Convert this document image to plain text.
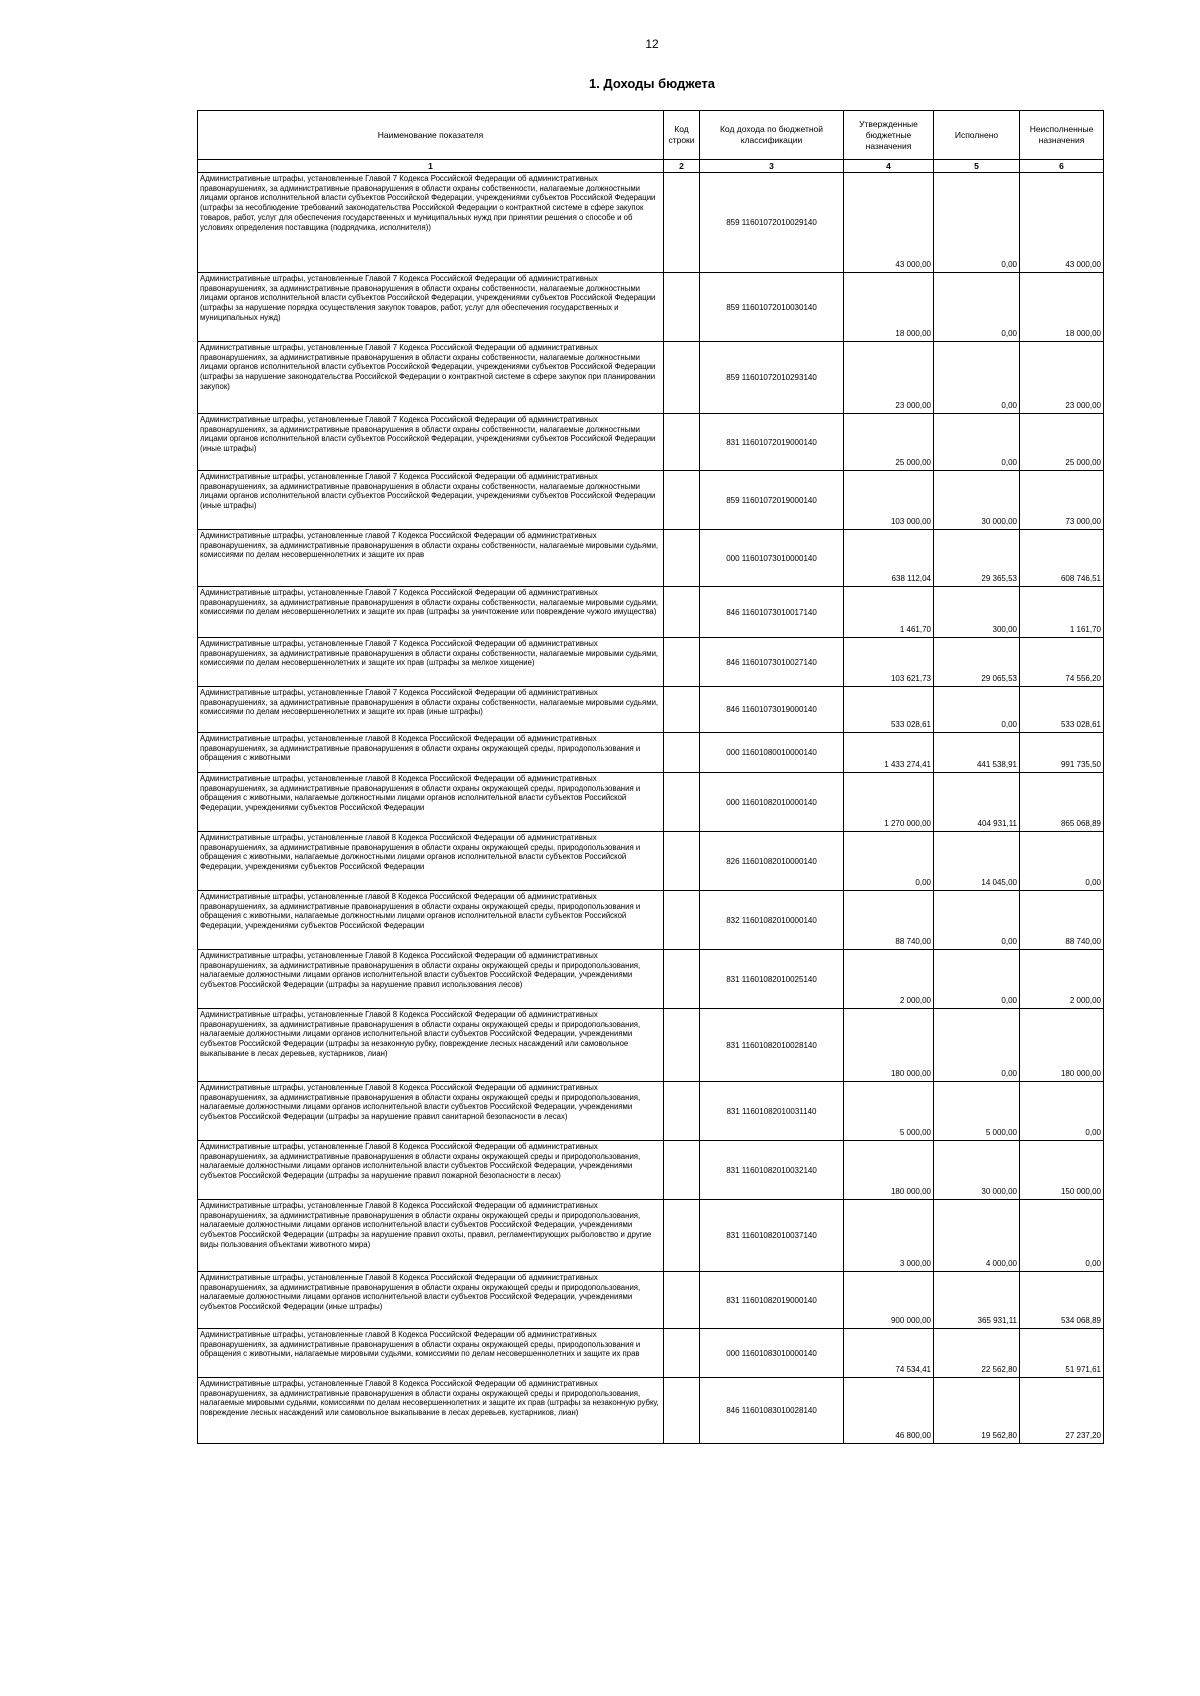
12
1. Доходы бюджета
Наименование показателя	Код строки	Код дохода по бюджетной классификации	Утвержденные бюджетные назначения	Исполнено	Неисполненные назначения
1	2	3	4	5	6
Административные штрафы, установленные Главой 7 Кодекса Российской Федерации об административных правонарушениях, за административные правонарушения в области охраны собственности, налагаемые должностными лицами органов исполнительной власти субъектов Российской Федерации, учреждениями субъектов Российской Федерации (штрафы за несоблюдение требований законодательства Российской Федерации о контрактной системе в сфере закупок товаров, работ, услуг для обеспечения государственных и муниципальных нужд при принятии решения о способе и об условиях определения поставщика (подрядчика, исполнителя))		859 11601072010029140	43 000,00	0,00	43 000,00
Административные штрафы, установленные Главой 7 Кодекса Российской Федерации об административных правонарушениях, за административные правонарушения в области охраны собственности, налагаемые должностными лицами органов исполнительной власти субъектов Российской Федерации, учреждениями субъектов Российской Федерации (штрафы за нарушение порядка осуществления закупок товаров, работ, услуг для обеспечения государственных и муниципальных нужд)		859 11601072010030140	18 000,00	0,00	18 000,00
Административные штрафы, установленные Главой 7 Кодекса Российской Федерации об административных правонарушениях, за административные правонарушения в области охраны собственности, налагаемые должностными лицами органов исполнительной власти субъектов Российской Федерации, учреждениями субъектов Российской Федерации (штрафы за нарушение законодательства Российской Федерации о контрактной системе в сфере закупок при планировании закупок)		859 11601072010293140	23 000,00	0,00	23 000,00
Административные штрафы, установленные Главой 7 Кодекса Российской Федерации об административных правонарушениях, за административные правонарушения в области охраны собственности, налагаемые должностными лицами органов исполнительной власти субъектов Российской Федерации, учреждениями субъектов Российской Федерации (иные штрафы)		831 11601072019000140	25 000,00	0,00	25 000,00
Административные штрафы, установленные Главой 7 Кодекса Российской Федерации об административных правонарушениях, за административные правонарушения в области охраны собственности, налагаемые должностными лицами органов исполнительной власти субъектов Российской Федерации, учреждениями субъектов Российской Федерации (иные штрафы)		859 11601072019000140	103 000,00	30 000,00	73 000,00
Административные штрафы, установленные главой 7 Кодекса Российской Федерации об административных правонарушениях, за административные правонарушения в области охраны собственности, налагаемые мировыми судьями, комиссиями по делам несовершеннолетних и защите их прав		000 11601073010000140	638 112,04	29 365,53	608 746,51
Административные штрафы, установленные Главой 7 Кодекса Российской Федерации об административных правонарушениях, за административные правонарушения в области охраны собственности, налагаемые мировыми судьями, комиссиями по делам несовершеннолетних и защите их прав (штрафы за уничтожение или повреждение чужого имущества)		846 11601073010017140	1 461,70	300,00	1 161,70
Административные штрафы, установленные Главой 7 Кодекса Российской Федерации об административных правонарушениях, за административные правонарушения в области охраны собственности, налагаемые мировыми судьями, комиссиями по делам несовершеннолетних и защите их прав (штрафы за мелкое хищение)		846 11601073010027140	103 621,73	29 065,53	74 556,20
Административные штрафы, установленные Главой 7 Кодекса Российской Федерации об административных правонарушениях, за административные правонарушения в области охраны собственности, налагаемые мировыми судьями, комиссиями по делам несовершеннолетних и защите их прав (иные штрафы)		846 11601073019000140	533 028,61	0,00	533 028,61
Административные штрафы, установленные главой 8 Кодекса Российской Федерации об административных правонарушениях, за административные правонарушения в области охраны окружающей среды, природопользования и обращения с животными		000 11601080010000140	1 433 274,41	441 538,91	991 735,50
Административные штрафы, установленные главой 8 Кодекса Российской Федерации об административных правонарушениях, за административные правонарушения в области охраны окружающей среды, природопользования и обращения с животными, налагаемые должностными лицами органов исполнительной власти субъектов Российской Федерации, учреждениями субъектов Российской Федерации		000 11601082010000140	1 270 000,00	404 931,11	865 068,89
Административные штрафы, установленные главой 8 Кодекса Российской Федерации об административных правонарушениях, за административные правонарушения в области охраны окружающей среды, природопользования и обращения с животными, налагаемые должностными лицами органов исполнительной власти субъектов Российской Федерации, учреждениями субъектов Российской Федерации		826 11601082010000140	0,00	14 045,00	0,00
Административные штрафы, установленные главой 8 Кодекса Российской Федерации об административных правонарушениях, за административные правонарушения в области охраны окружающей среды, природопользования и обращения с животными, налагаемые должностными лицами органов исполнительной власти субъектов Российской Федерации, учреждениями субъектов Российской Федерации		832 11601082010000140	88 740,00	0,00	88 740,00
Административные штрафы, установленные Главой 8 Кодекса Российской Федерации об административных правонарушениях, за административные правонарушения в области охраны окружающей среды и природопользования, налагаемые должностными лицами органов исполнительной власти субъектов Российской Федерации, учреждениями субъектов Российской Федерации (штрафы за нарушение правил использования лесов)		831 11601082010025140	2 000,00	0,00	2 000,00
Административные штрафы, установленные Главой 8 Кодекса Российской Федерации об административных правонарушениях, за административные правонарушения в области охраны окружающей среды и природопользования, налагаемые должностными лицами органов исполнительной власти субъектов Российской Федерации, учреждениями субъектов Российской Федерации (штрафы за незаконную рубку, повреждение лесных насаждений или самовольное выкапывание в лесах деревьев, кустарников, лиан)		831 11601082010028140	180 000,00	0,00	180 000,00
Административные штрафы, установленные Главой 8 Кодекса Российской Федерации об административных правонарушениях, за административные правонарушения в области охраны окружающей среды и природопользования, налагаемые должностными лицами органов исполнительной власти субъектов Российской Федерации, учреждениями субъектов Российской Федерации (штрафы за нарушение правил санитарной безопасности в лесах)		831 11601082010031140	5 000,00	5 000,00	0,00
Административные штрафы, установленные Главой 8 Кодекса Российской Федерации об административных правонарушениях, за административные правонарушения в области охраны окружающей среды и природопользования, налагаемые должностными лицами органов исполнительной власти субъектов Российской Федерации, учреждениями субъектов Российской Федерации (штрафы за нарушение правил пожарной безопасности в лесах)		831 11601082010032140	180 000,00	30 000,00	150 000,00
Административные штрафы, установленные Главой 8 Кодекса Российской Федерации об административных правонарушениях, за административные правонарушения в области охраны окружающей среды и природопользования, налагаемые должностными лицами органов исполнительной власти субъектов Российской Федерации, учреждениями субъектов Российской Федерации (штрафы за нарушение правил охоты, правил, регламентирующих рыболовство и другие виды пользования объектами животного мира)		831 11601082010037140	3 000,00	4 000,00	0,00
Административные штрафы, установленные Главой 8 Кодекса Российской Федерации об административных правонарушениях, за административные правонарушения в области охраны окружающей среды и природопользования, налагаемые должностными лицами органов исполнительной власти субъектов Российской Федерации, учреждениями субъектов Российской Федерации (иные штрафы)		831 11601082019000140	900 000,00	365 931,11	534 068,89
Административные штрафы, установленные главой 8 Кодекса Российской Федерации об административных правонарушениях, за административные правонарушения в области охраны окружающей среды, природопользования и обращения с животными, налагаемые мировыми судьями, комиссиями по делам несовершеннолетних и защите их прав		000 11601083010000140	74 534,41	22 562,80	51 971,61
Административные штрафы, установленные Главой 8 Кодекса Российской Федерации об административных правонарушениях, за административные правонарушения в области охраны окружающей среды и природопользования, налагаемые мировыми судьями, комиссиями по делам несовершеннолетних и защите их прав (штрафы за незаконную рубку, повреждение лесных насаждений или самовольное выкапывание в лесах деревьев, кустарников, лиан)		846 11601083010028140	46 800,00	19 562,80	27 237,20
